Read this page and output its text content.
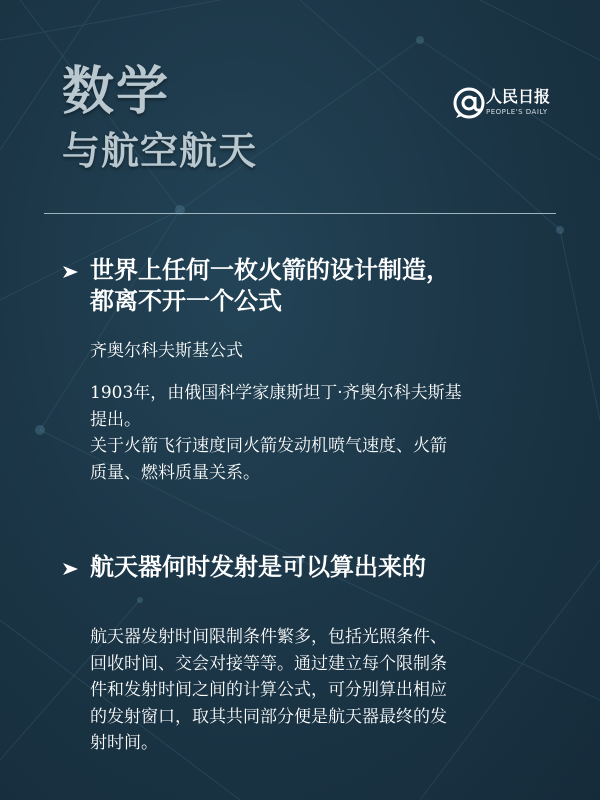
数学
与航空航天
人民日报
PEOPLE'S DAILY
世界上任何一枚火箭的设计制造，
都离不开一个公式
齐奥尔科夫斯基公式

1903年，由俄国科学家康斯坦丁·齐奥尔科夫斯基

提出。

关于火箭飞行速度同火箭发动机喷气速度、火箭

质量、燃料质量关系。

航天器何时发射是可以算出来的

航天器发射时间限制条件繁多，包括光照条件、

回收时间、交会对接等等。通过建立每个限制条

件和发射时间之间的计算公式，可分别算出相应

的发射窗口，取其共同部分便是航天器最终的发

射时间。
